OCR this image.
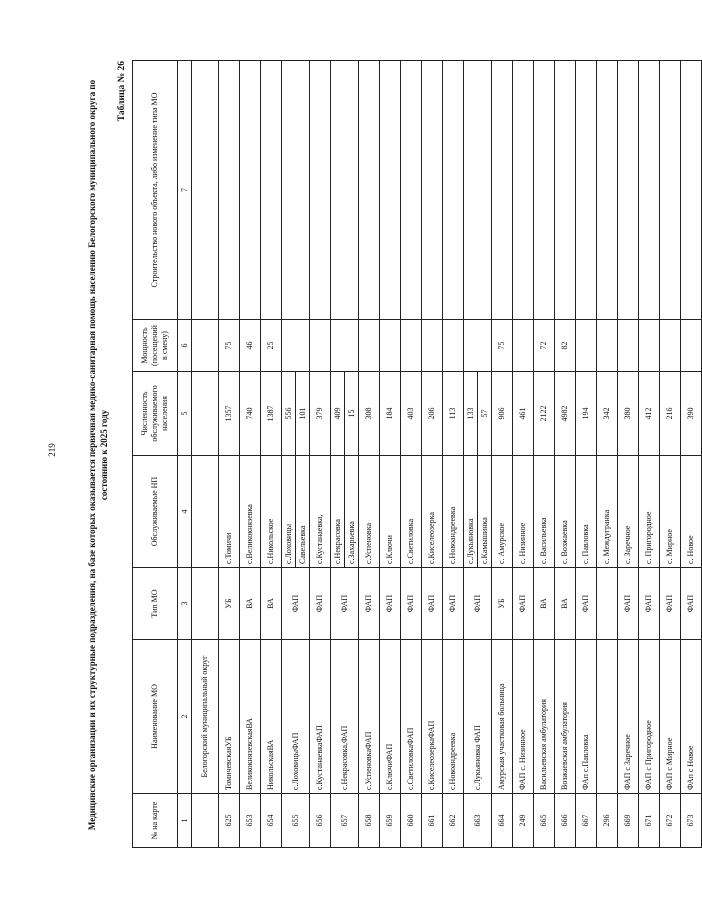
219	Медицинские организации и их структурные подразделения, на базе которых оказывается первичная медико-санитарная помощь населению Белогорского муниципального округа по состоянию к 2025 году
Таблица № 26
№ на карте	Наименование МО	Тип МО	Обслуживаемые НП	Численность обслуживаемого населения	Мощность (посещений в смену)	Строительство нового объекта, либо изменение типа МО
1	2	3	4	5	6	7
	Белогорский муниципальный округ					
625	ТомичевскаяУБ	УБ	с.Томичи	1357	75	
653	ВеликокнязевскаяВА	ВА	с.Великокнязевка	740	46	
654	НикольскаяВА	ВА	с.Никольское	1387	25	
655	с.ЛоховицыФАП	ФАП	с.Лоховицы	556		
			Савельевка	101		
656	с.КустанаевкаФАП	ФАП	с.Кустанаевка,	379		
657	с.Некрасовка,ФАП	ФАП	с.Некрасовка	409		
			с.Захарьевка	15		
658	с.УспеновкаФАП	ФАП	с.Успеновка	308		
659	с.КлючиФАП	ФАП	с.Ключи	184		
660	с.СветиловкаФАП	ФАП	с.Светиловка	403		
661	с.КиселеозеркаФАП	ФАП	с.Киселеозерка	206		
662	с.Новоандреевка	ФАП	с.Новоандреевка	113		
663	с.Лукьяновка ФАП	ФАП	с.Лукьяновка	133		
			с.Камышинка	57		
664	Амурская участковая больница	УБ	с. Амурское	906	75	
249	ФАП с. Низинное	ФАП	с. Низинное	461		
665	Васильевская амбулатория	ВА	с. Васильевка	2122	72	
666	Возжаевская амбулатория	ВА	с. Возжаевка	4982	82	
667	ФАп с.Павловка	ФАП	с. Павловка	194		
296			с. Междугранка	342		
669	ФАП с Заречное	ФАП	с. Заречное	380		
671	ФАП с Пригородное	ФАП	с. Пригородное	412		
672	ФАП с Мирное	ФАП	с. Мирное	216		
673	ФАп с Новое	ФАП	с. Новое	390		
